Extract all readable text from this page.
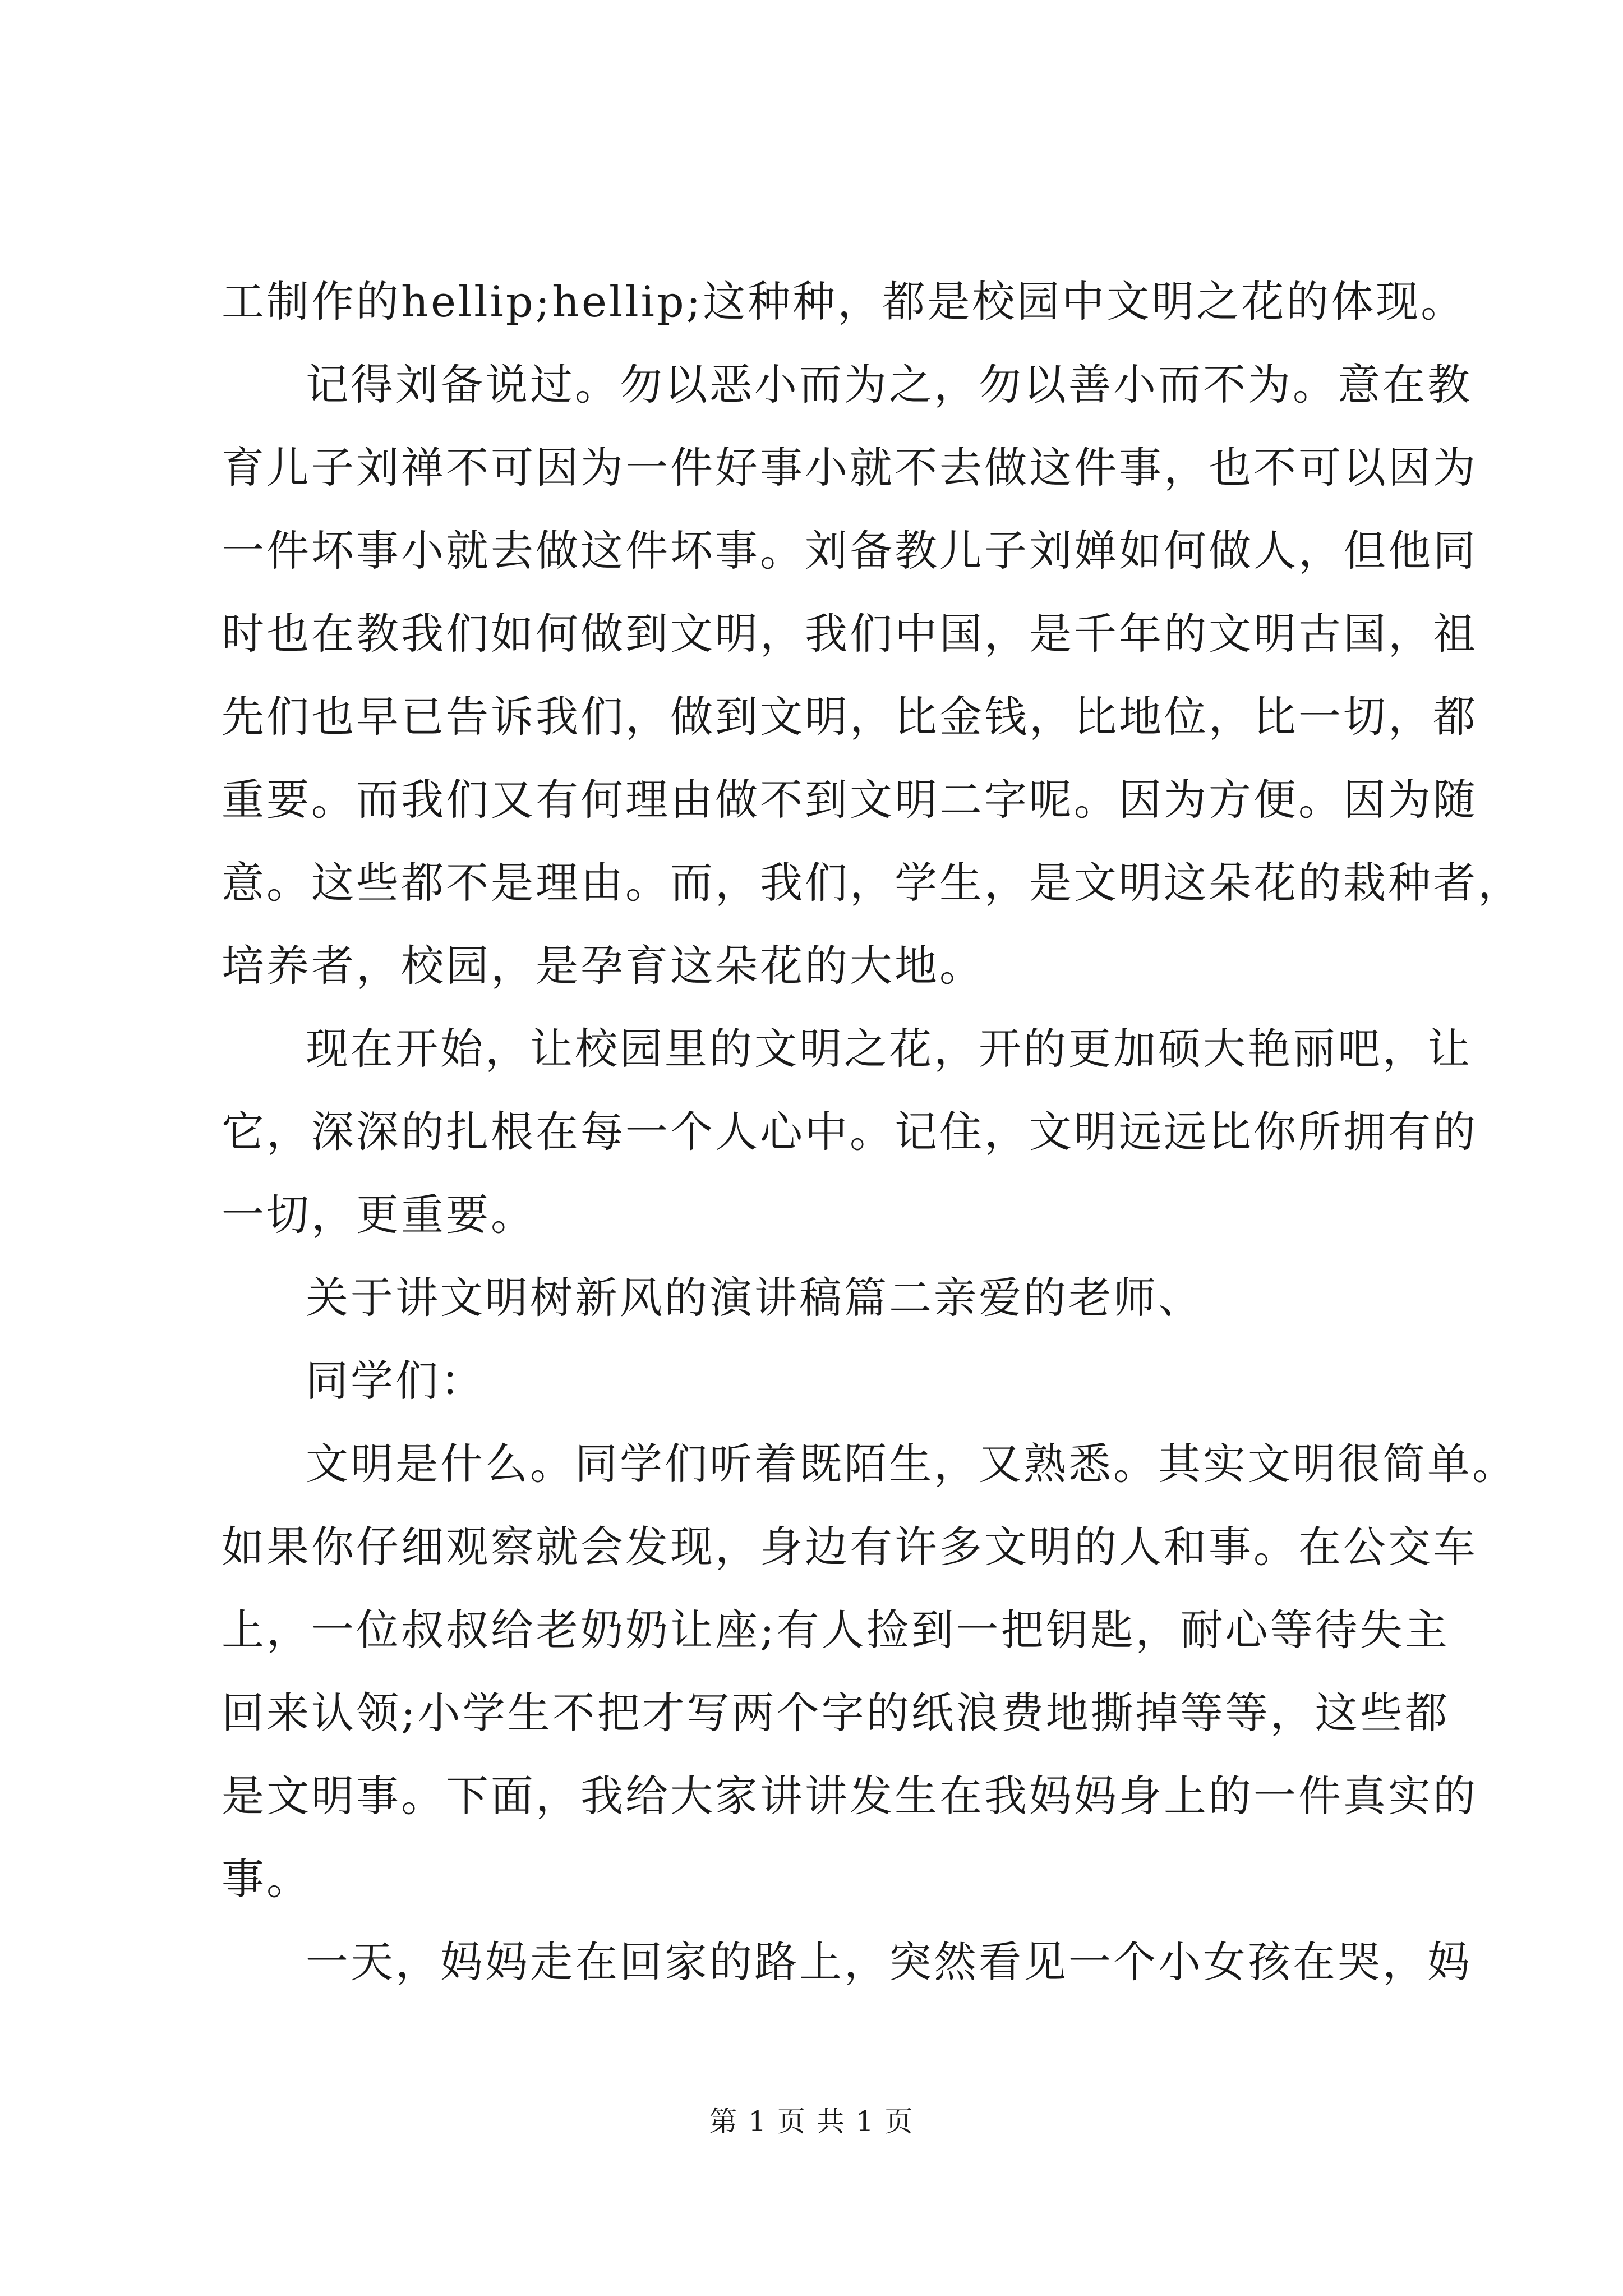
工制作的hellip;hellip;这种种，都是校园中文明之花的体现。
记得刘备说过。勿以恶小而为之，勿以善小而不为。意在教
育儿子刘禅不可因为一件好事小就不去做这件事，也不可以因为
一件坏事小就去做这件坏事。刘备教儿子刘婵如何做人，但他同
时也在教我们如何做到文明，我们中国，是千年的文明古国，祖
先们也早已告诉我们，做到文明，比金钱，比地位，比一切，都
重要。而我们又有何理由做不到文明二字呢。因为方便。因为随
意。这些都不是理由。而，我们，学生，是文明这朵花的栽种者，
培养者，校园，是孕育这朵花的大地。
现在开始，让校园里的文明之花，开的更加硕大艳丽吧，让
它，深深的扎根在每一个人心中。记住，文明远远比你所拥有的
一切，更重要。
关于讲文明树新风的演讲稿篇二亲爱的老师、
同学们：
文明是什么。同学们听着既陌生，又熟悉。其实文明很简单。
如果你仔细观察就会发现，身边有许多文明的人和事。在公交车
上，一位叔叔给老奶奶让座;有人捡到一把钥匙，耐心等待失主
回来认领;小学生不把才写两个字的纸浪费地撕掉等等，这些都
是文明事。下面，我给大家讲讲发生在我妈妈身上的一件真实的
事。
一天，妈妈走在回家的路上，突然看见一个小女孩在哭，妈
第 1 页 共 1 页
